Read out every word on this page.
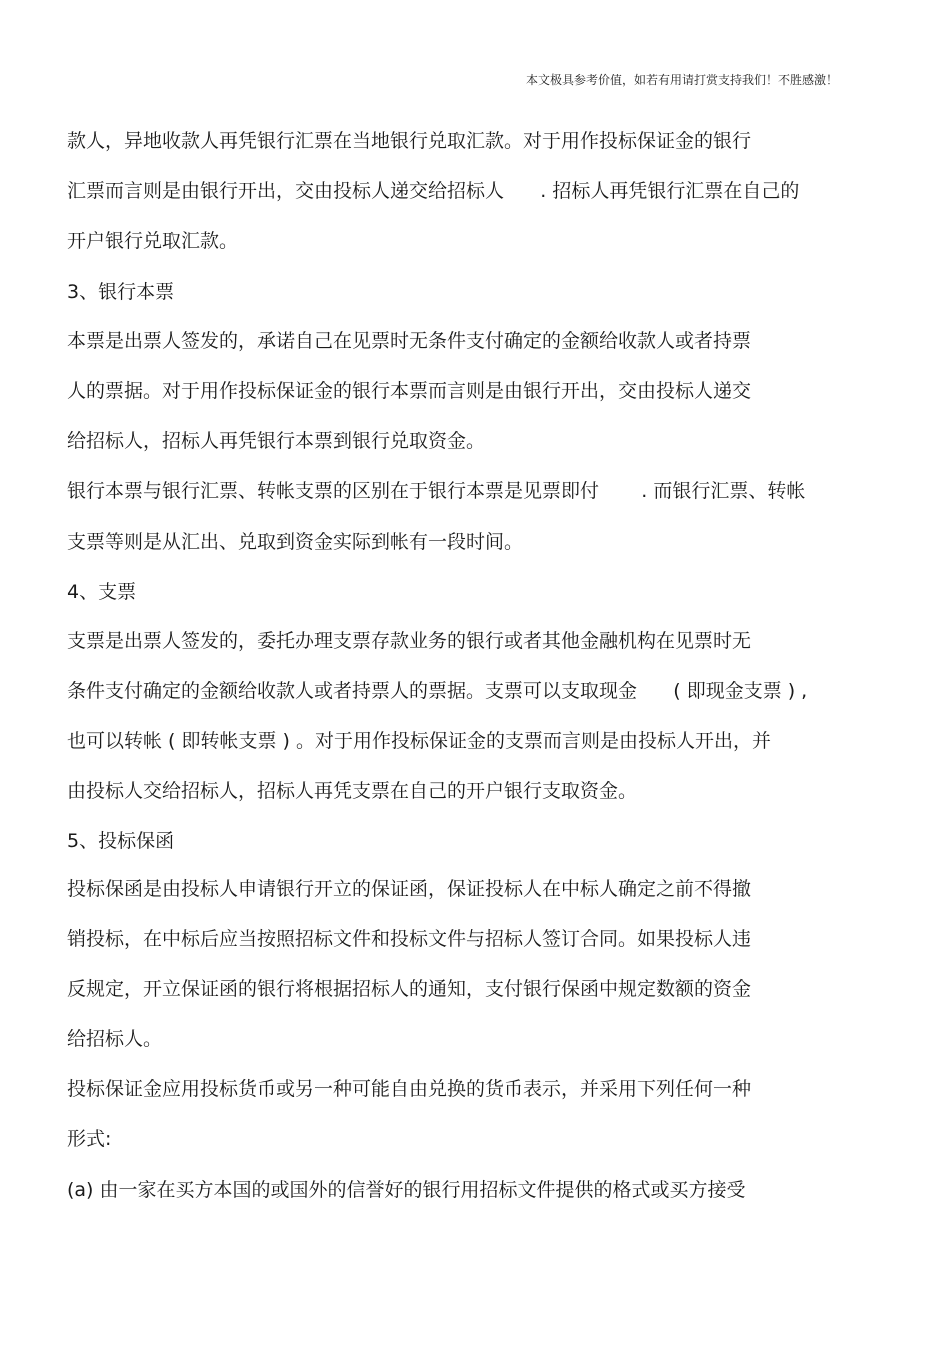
本文极具参考价值，如若有用请打赏支持我们！不胜感激！
款人，异地收款人再凭银行汇票在当地银行兑取汇款。对于用作投标保证金的银行
汇票而言则是由银行开出，交由投标人递交给招标人      . 招标人再凭银行汇票在自己的
开户银行兑取汇款。
3、银行本票
本票是出票人签发的，承诺自己在见票时无条件支付确定的金额给收款人或者持票
人的票据。对于用作投标保证金的银行本票而言则是由银行开出，交由投标人递交
给招标人，招标人再凭银行本票到银行兑取资金。
银行本票与银行汇票、转帐支票的区别在于银行本票是见票即付       . 而银行汇票、转帐
支票等则是从汇出、兑取到资金实际到帐有一段时间。
4、支票
支票是出票人签发的，委托办理支票存款业务的银行或者其他金融机构在见票时无
条件支付确定的金额给收款人或者持票人的票据。支票可以支取现金      ( 即现金支票 ) ,
也可以转帐 ( 即转帐支票 ) 。对于用作投标保证金的支票而言则是由投标人开出，并
由投标人交给招标人，招标人再凭支票在自己的开户银行支取资金。
5、投标保函
投标保函是由投标人申请银行开立的保证函，保证投标人在中标人确定之前不得撤
销投标，在中标后应当按照招标文件和投标文件与招标人签订合同。如果投标人违
反规定，开立保证函的银行将根据招标人的通知，支付银行保函中规定数额的资金
给招标人。
投标保证金应用投标货币或另一种可能自由兑换的货币表示，并采用下列任何一种
形式:
(a) 由一家在买方本国的或国外的信誉好的银行用招标文件提供的格式或买方接受
